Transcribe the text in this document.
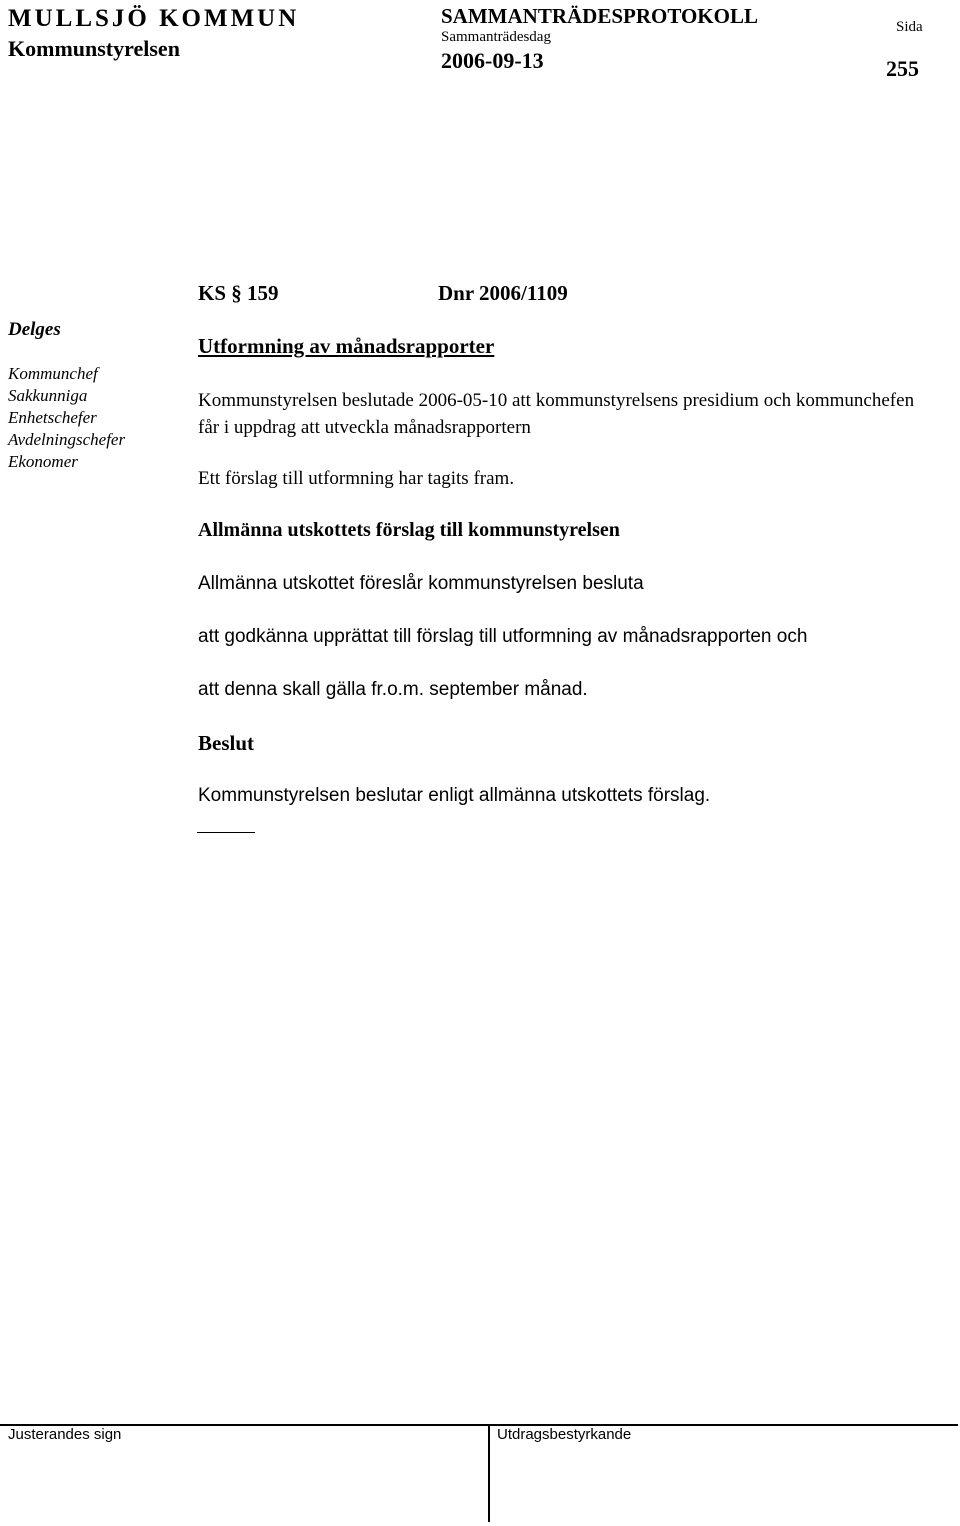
MULLSJÖ KOMMUN
Kommunstyrelsen
SAMMANTRÄDESPROTOKOLL
Sammanträdesdag
2006-09-13
Sida
255
KS § 159	Dnr 2006/1109
Delges
Kommunchef
Sakkunniga
Enhetschefer
Avdelningschefer
Ekonomer
Utformning av månadsrapporter
Kommunstyrelsen beslutade 2006-05-10 att kommunstyrelsens presidium och kommunchefen får i uppdrag att utveckla månadsrapportern
Ett förslag till utformning har tagits fram.
Allmänna utskottets förslag till kommunstyrelsen
Allmänna utskottet föreslår kommunstyrelsen besluta
att godkänna upprättat till förslag till utformning av månadsrapporten och
att denna skall gälla fr.o.m. september månad.
Beslut
Kommunstyrelsen beslutar enligt allmänna utskottets förslag.
Justerandes sign	Utdragsbestyrkande
